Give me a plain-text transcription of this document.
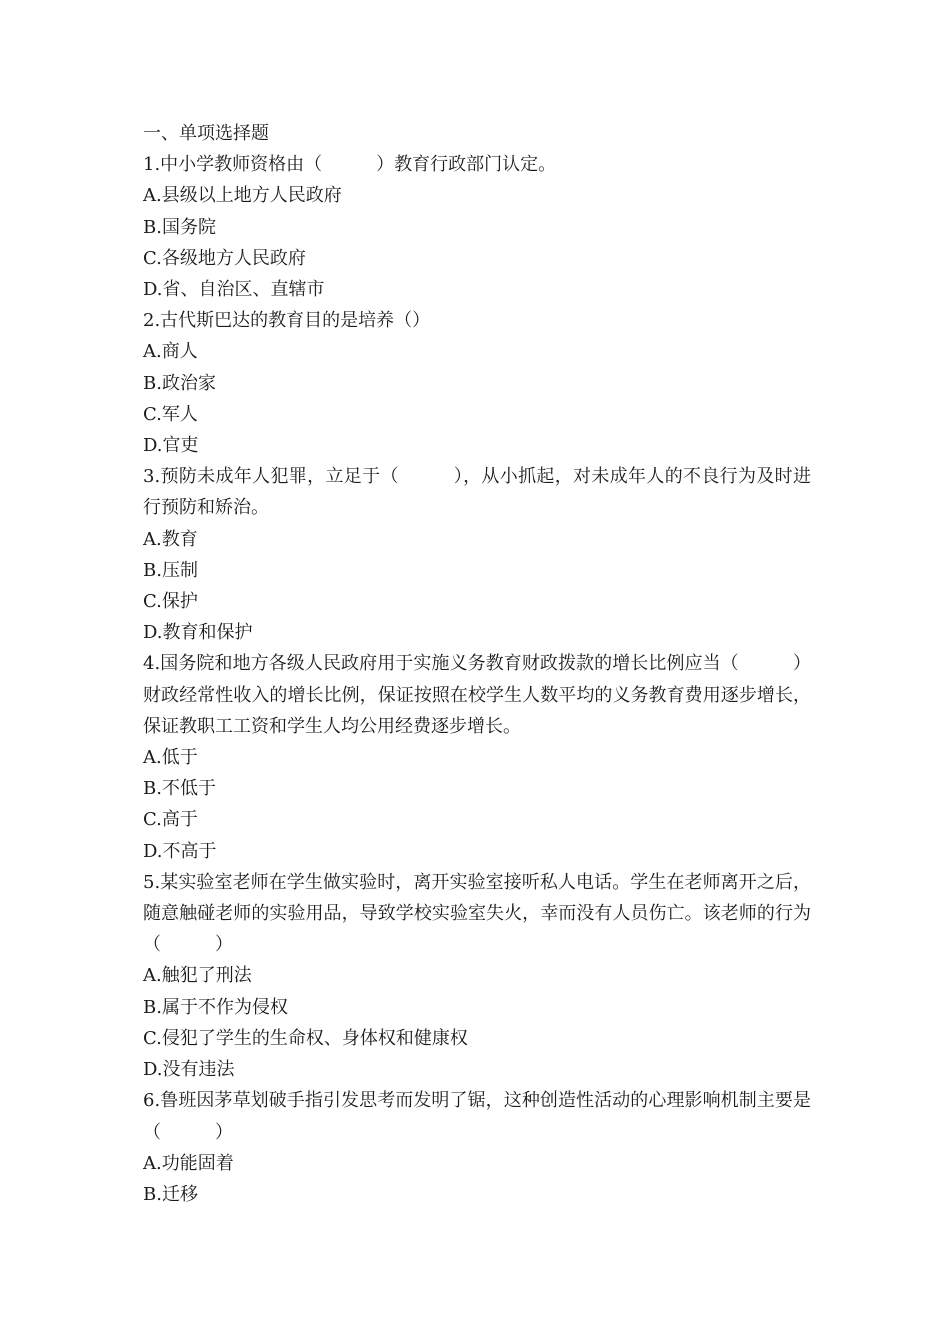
一、单项选择题

1.中小学教师资格由（　　　）教育行政部门认定。

A.县级以上地方人民政府

B.国务院

C.各级地方人民政府

D.省、自治区、直辖市

2.古代斯巴达的教育目的是培养（）

A.商人

B.政治家

C.军人

D.官吏

3.预防未成年人犯罪，立足于（　　　），从小抓起，对未成年人的不良行为及时进行预防和矫治。

A.教育

B.压制

C.保护

D.教育和保护

4.国务院和地方各级人民政府用于实施义务教育财政拨款的增长比例应当（　　　）财政经常性收入的增长比例，保证按照在校学生人数平均的义务教育费用逐步增长，保证教职工工资和学生人均公用经费逐步增长。

A.低于

B.不低于

C.高于

D.不高于

5.某实验室老师在学生做实验时，离开实验室接听私人电话。学生在老师离开之后，随意触碰老师的实验用品，导致学校实验室失火，幸而没有人员伤亡。该老师的行为（　　　）

A.触犯了刑法

B.属于不作为侵权

C.侵犯了学生的生命权、身体权和健康权

D.没有违法

6.鲁班因茅草划破手指引发思考而发明了锯，这种创造性活动的心理影响机制主要是（　　　）

A.功能固着

B.迁移
